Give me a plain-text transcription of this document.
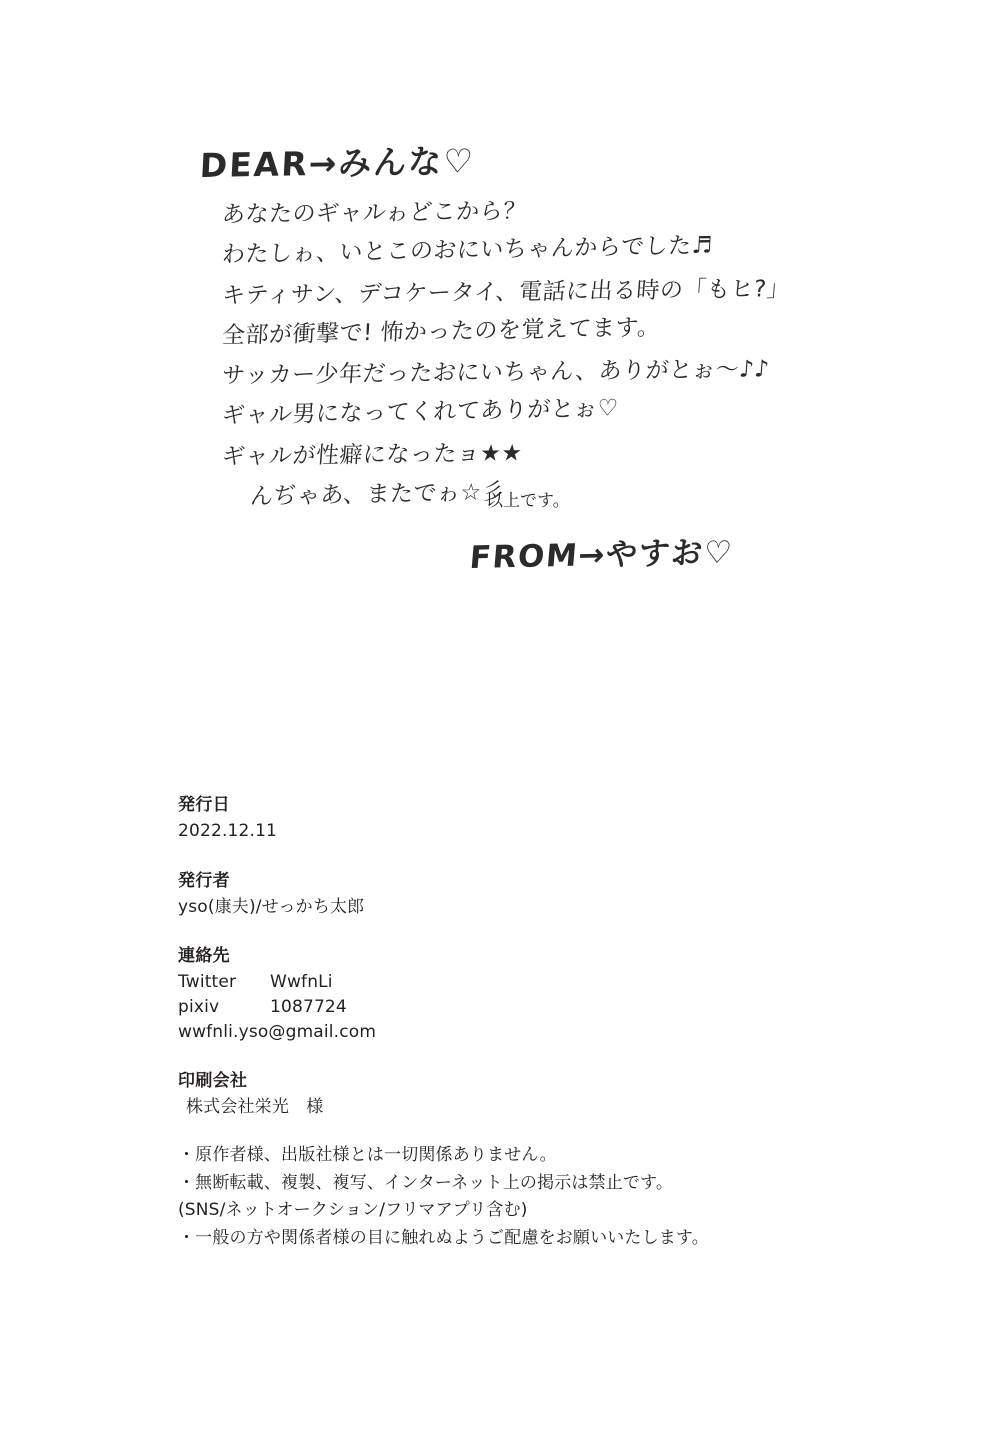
DEAR→みんな♡
あなたのギャルゎどこから？
わたしゎ、いとこのおにいちゃんからでした♬
キティサン、デコケータイ、電話に出る時の「もヒ?」
全部が衝撃で! 怖かったのを覚えてます。
サッカー少年だったおにいちゃん、ありがとぉ〜♪♪
ギャル男になってくれてありがとぉ♡
ギャルが性癖になったョ★★
んぢゃあ、またでゎ☆彡
FROM→やすお♡
以上です。
発行日
2022.12.11
発行者
yso(康夫)/せっかち太郎
連絡先
Twitter	WwfnLi
pixiv	1087724
wwfnli.yso@gmail.com
印刷会社
株式会社栄光　様
・原作者様、出版社様とは一切関係ありません。
・無断転載、複製、複写、インターネット上の掲示は禁止です。
(SNS/ネットオークション/フリマアプリ含む)
・一般の方や関係者様の目に触れぬようご配慮をお願いいたします。
